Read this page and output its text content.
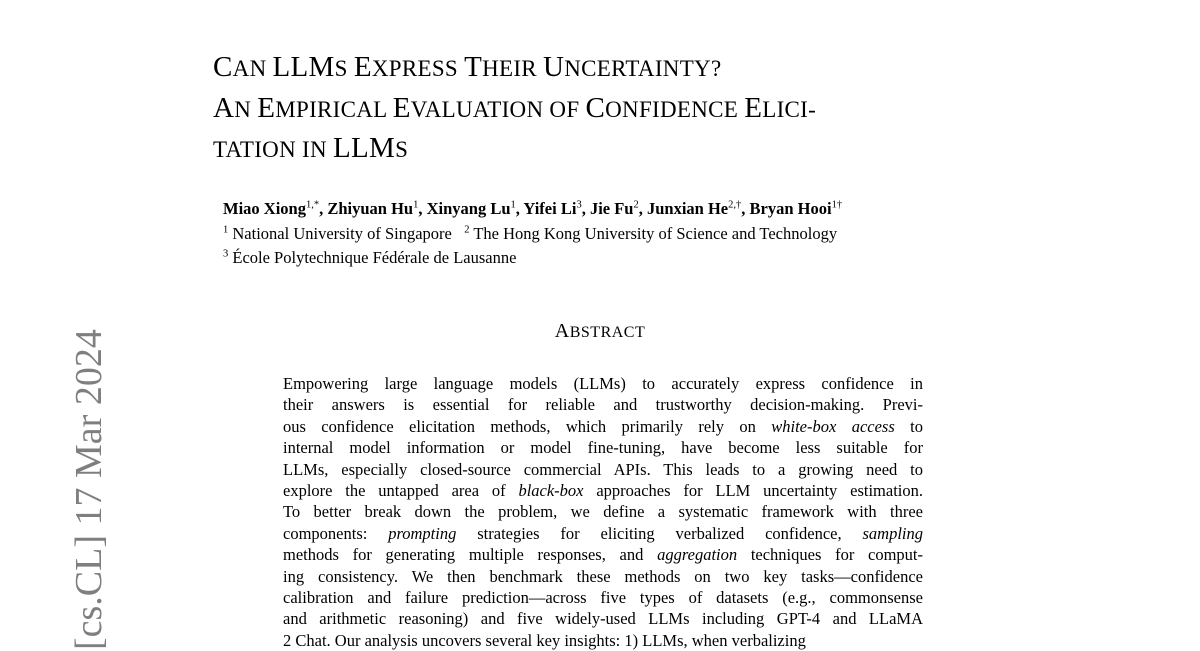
CAN LLMS EXPRESS THEIR UNCERTAINTY?
AN EMPIRICAL EVALUATION OF CONFIDENCE ELICI-
TATION IN LLMS
Miao Xiong$^{1,*}$, Zhiyuan Hu$^1$, Xinyang Lu$^1$, Yifei Li$^3$, Jie Fu$^2$, Junxian $He^{2,\dagger}$, Bryan Hooi$^{1\dagger}$
$^1$ National University of Singapore $^2$ The Hong Kong University of Science and Technology
$^3$ École Polytechnique Fédérale de Lausanne
ABSTRACT
Empowering large language models (LLMs) to accurately express confidence in
their answers is essential for reliable and trustworthy decision-making. Previ-
ous confidence elicitation methods, which primarily rely on white-box access to
internal model information or model fine-tuning, have become less suitable for
LLMs, especially closed-source commercial APIs. This leads to a growing need to
explore the untapped area of black-box approaches for LLM uncertainty estimation.
To better break down the problem, we define a systematic framework with three
components: prompting strategies for eliciting verbalized confidence, sampling
methods for generating multiple responses, and aggregation techniques for comput-
ing consistency. We then benchmark these methods on two key tasks—confidence
calibration and failure prediction—across five types of datasets (e.g., commonsense
and arithmetic reasoning) and five widely-used LLMs including GPT-4 and LLaMA
2 Chat. Our analysis uncovers several key insights: 1) LLMs, when verbalizing
[cs.CL] 17 Mar 2024
